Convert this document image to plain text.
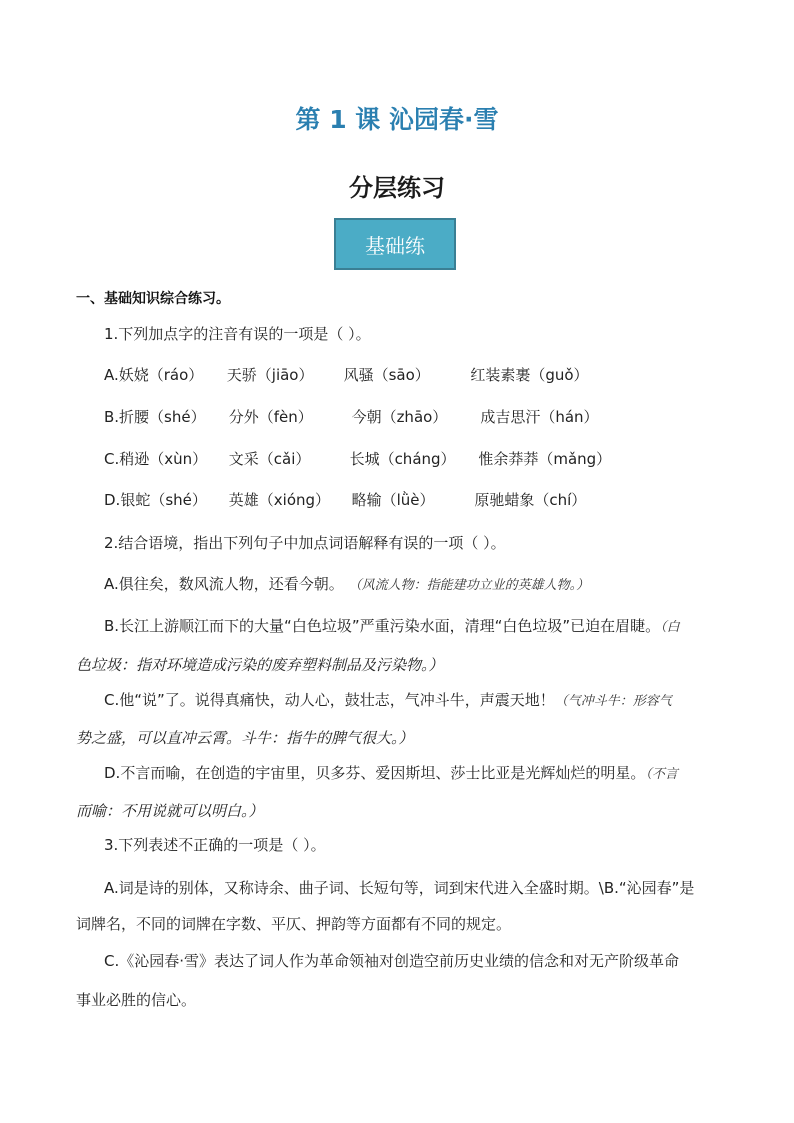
第 1 课 沁园春·雪
分层练习
基础练
一、基础知识综合练习。
1.下列加点字的注音有误的一项是（ ）。
A.妖娆（ráo） 天骄（jiāo） 风骚（sāo）	红装素裹（guǒ）
B.折腰（shé） 分外（fèn）	今朝（zhāo） 成吉思汗（hán）
C.稍逊（xùn） 文采（cǎi）	长城（cháng） 惟余莽莽（mǎng）
D.银蛇（shé） 英雄（xióng） 略输（lǜè）	原驰蜡象（chí）
2.结合语境，指出下列句子中加点词语解释有误的一项（ ）。
A.俱往矣，数风流人物，还看今朝。 （风流人物：指能建功立业的英雄人物。）
B.长江上游顺江而下的大量“白色垃圾”严重污染水面，清理“白色垃圾”已迫在眉睫。（白
色垃圾：指对环境造成污染的废弃塑料制品及污染物。）
C.他“说”了。说得真痛快，动人心，鼓壮志，气冲斗牛，声震天地！（气冲斗牛：形容气
势之盛，可以直冲云霄。斗牛：指牛的脾气很大。）
D.不言而喻，在创造的宇宙里，贝多芬、爱因斯坦、莎士比亚是光辉灿烂的明星。（不言
而喻：不用说就可以明白。）
3.下列表述不正确的一项是（ ）。
A.词是诗的别体，又称诗余、曲子词、长短句等，词到宋代进入全盛时期。\B.“沁园春”是
词牌名，不同的词牌在字数、平仄、押韵等方面都有不同的规定。
C.《沁园春·雪》表达了词人作为革命领袖对创造空前历史业绩的信念和对无产阶级革命
事业必胜的信心。
